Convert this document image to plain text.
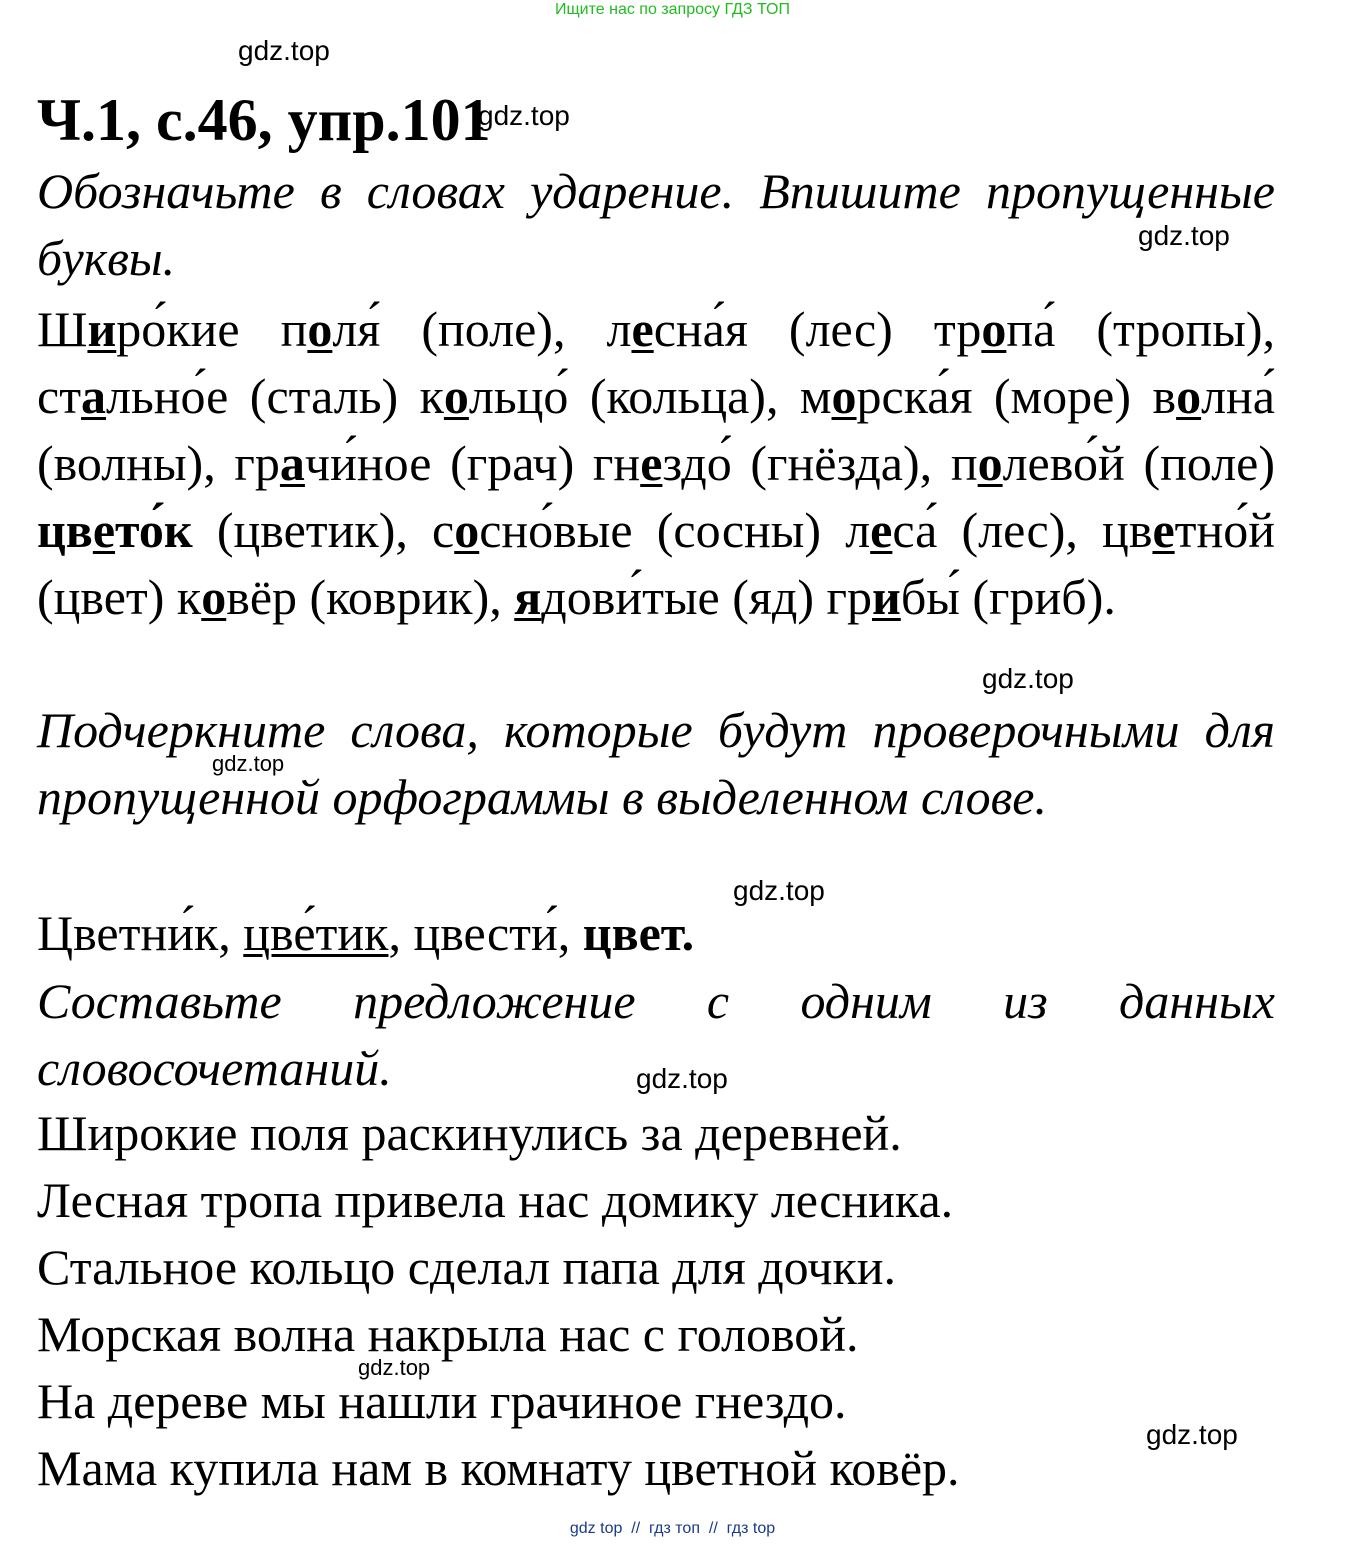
Ищите нас по запросу ГДЗ ТОП
gdz.top
gdz.top
gdz.top
gdz.top
gdz.top
gdz.top
gdz.top
gdz.top
gdz.top
Ч.1, с.46, упр.101
Обозначьте в словах ударение. Впишите пропущенные буквы.
Широ́кие поля́ (поле), лесна́я (лес) тропа́ (тропы), стально́е (сталь) кольцо́ (кольца), морска́я (море) волна́ (волны), грачи́ное (грач) гнездо́ (гнёзда), полево́й (поле) цвето́к (цветик), сосно́вые (сосны) леса́ (лес), цветно́й (цвет) ковёр (коврик), ядови́тые (яд) грибы́ (гриб).
Подчеркните слова, которые будут проверочными для пропущенной орфограммы в выделенном слове.
Цветни́к, цве́тик, цвести́, цвет.
Составьте предложение с одним из данных словосочетаний.
Широкие поля раскинулись за деревней.
Лесная тропа привела нас домику лесника.
Стальное кольцо сделал папа для дочки.
Морская волна накрыла нас с головой.
На дереве мы нашли грачиное гнездо.
Мама купила нам в комнату цветной ковёр.
gdz top  //  гдз топ  //  гдз top
